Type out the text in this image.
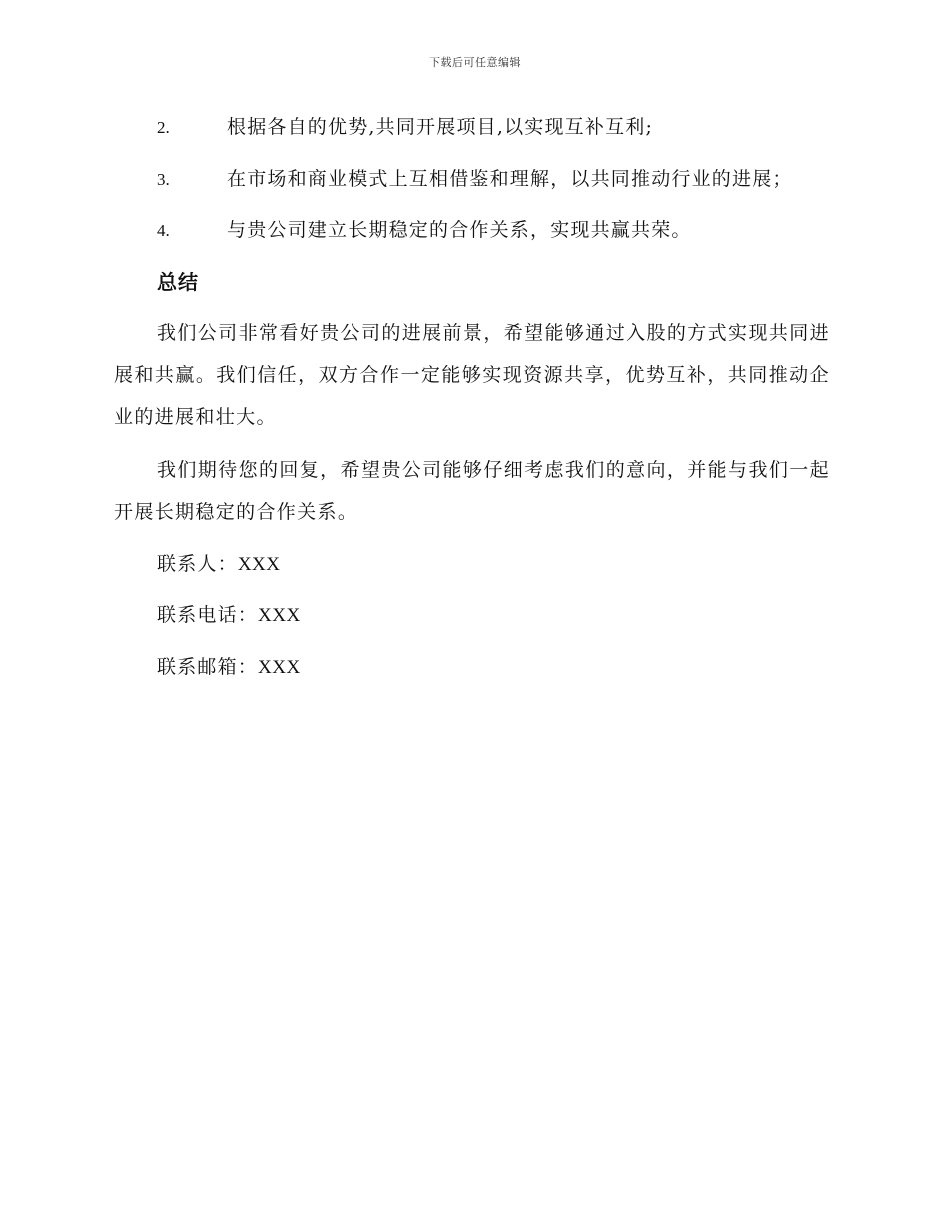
下载后可任意编辑
2.	根据各自的优势,共同开展项目,以实现互补互利;
3.	在市场和商业模式上互相借鉴和理解，以共同推动行业的进展；
4.	与贵公司建立长期稳定的合作关系，实现共赢共荣。
总结

我们公司非常看好贵公司的进展前景，希望能够通过入股的方式实现共同进展和共赢。我们信任，双方合作一定能够实现资源共享，优势互补，共同推动企业的进展和壮大。

我们期待您的回复，希望贵公司能够仔细考虑我们的意向，并能与我们一起开展长期稳定的合作关系。

联系人：XXX
联系电话：XXX
联系邮箱：XXX
